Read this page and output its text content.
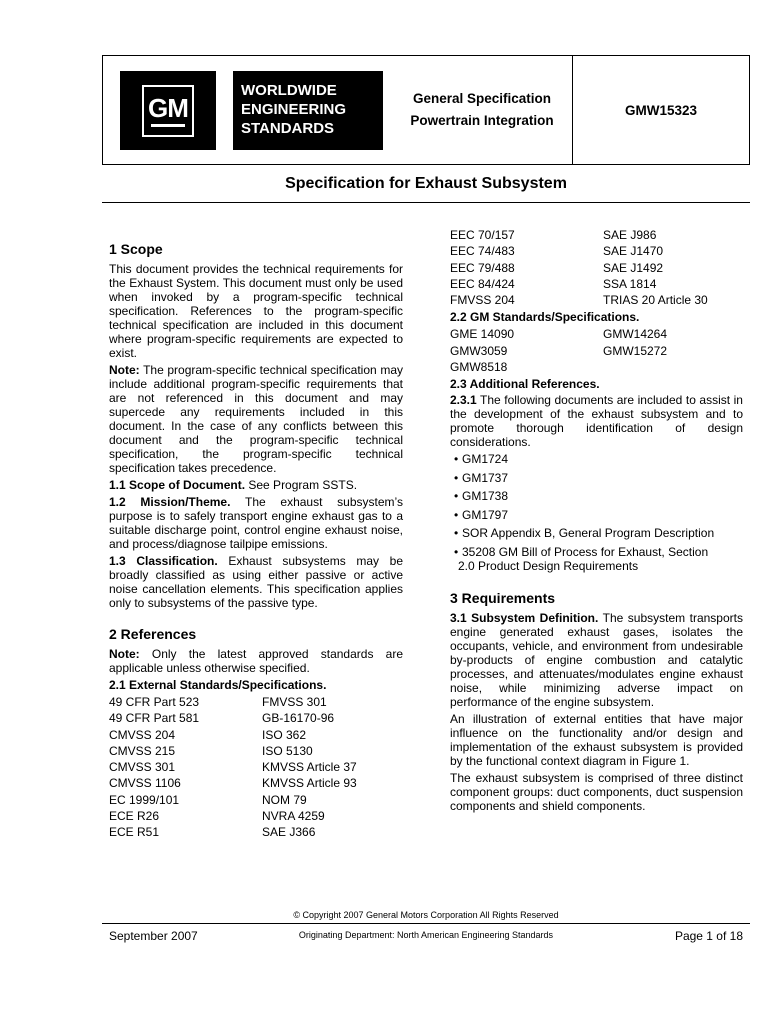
GM
WORLDWIDE
ENGINEERING
STANDARDS
General Specification
Powertrain Integration
GMW15323
Specification for Exhaust Subsystem
1 Scope
This document provides the technical requirements for the Exhaust System. This document must only be used when invoked by a program-specific technical specification. References to the program-specific technical specification are included in this document where program-specific requirements are expected to exist.
Note: The program-specific technical specification may include additional program-specific requirements that are not referenced in this document and may supercede any requirements included in this document. In the case of any conflicts between this document and the program-specific technical specification, the program-specific technical specification takes precedence.
1.1 Scope of Document. See Program SSTS.
1.2 Mission/Theme. The exhaust subsystem’s purpose is to safely transport engine exhaust gas to a suitable discharge point, control engine exhaust noise, and process/diagnose tailpipe emissions.
1.3 Classification. Exhaust subsystems may be broadly classified as using either passive or active noise cancellation elements. This specification applies only to subsystems of the passive type.
2 References
Note: Only the latest approved standards are applicable unless otherwise specified.
2.1 External Standards/Specifications.
49 CFR Part 523	FMVSS 301
49 CFR Part 581	GB-16170-96
CMVSS 204	ISO 362
CMVSS 215	ISO 5130
CMVSS 301	KMVSS Article 37
CMVSS 1106	KMVSS Article 93
EC 1999/101	NOM 79
ECE R26	NVRA 4259
ECE R51	SAE J366
EEC 70/157	SAE J986
EEC 74/483	SAE J1470
EEC 79/488	SAE J1492
EEC 84/424	SSA 1814
FMVSS 204	TRIAS 20 Article 30
2.2 GM Standards/Specifications.
GME 14090	GMW14264
GMW3059	GMW15272
GMW8518	
2.3 Additional References.
2.3.1 The following documents are included to assist in the development of the exhaust subsystem and to promote thorough identification of design considerations.
• GM1724
• GM1737
• GM1738
• GM1797
• SOR Appendix B, General Program Description
• 35208 GM Bill of Process for Exhaust, Section
2.0 Product Design Requirements
3 Requirements
3.1 Subsystem Definition. The subsystem transports engine generated exhaust gases, isolates the occupants, vehicle, and environment from undesirable by-products of engine combustion and catalytic processes, and attenuates/modulates engine exhaust noise, while minimizing adverse impact on performance of the engine subsystem.
An illustration of external entities that have major influence on the functionality and/or design and implementation of the exhaust subsystem is provided by the functional context diagram in Figure 1.
The exhaust subsystem is comprised of three distinct component groups: duct components, duct suspension components and shield components.
© Copyright 2007 General Motors Corporation All Rights Reserved
September 2007	Originating Department: North American Engineering Standards	Page 1 of 18
